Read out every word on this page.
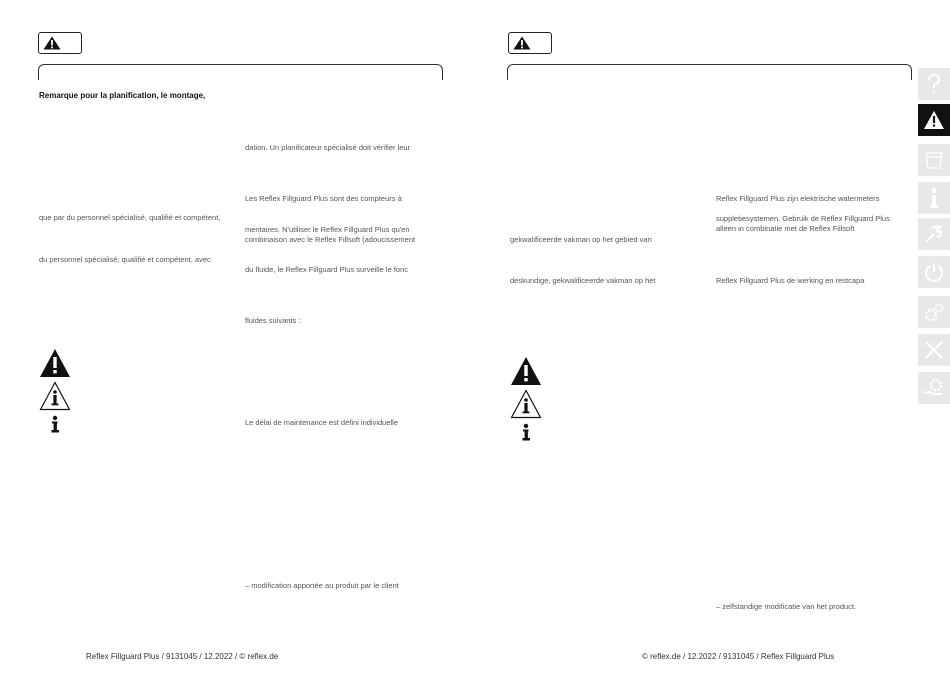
Remarque pour la planification, le montage,
que par du personnel spécialisé, qualifié et compétent,
du personnel spécialisé, qualifié et compétent, avec
dation. Un planificateur spécialisé doit vérifier leur
Les Reflex Fillguard Plus sont des compteurs à
mentaires. N'utiliser le Reflex Fillguard Plus qu'en combinaison avec le Reflex Fillsoft (adoucissement
du fluide, le Reflex Fillguard Plus surveille le fonc
fluides suivants :
Le délai de maintenance est défini individuelle
– modification apportée au produit par le client
Reflex Fillguard Plus / 9131045 / 12.2022 / © reflex.de
gekwalificeerde vakman op het gebied van
deskundige, gekwalificeerde vakman op het
Reflex Fillguard Plus zijn elektrische watermeters
suppletiesystemen. Gebruik de Reflex Fillguard Plus alleen in combinatie met de Reflex Fillsoft
Reflex Fillguard Plus de werking en restcapa
– zelfstandige modificatie van het product.
© reflex.de / 12.2022 / 9131045 / Reflex Fillguard Plus
